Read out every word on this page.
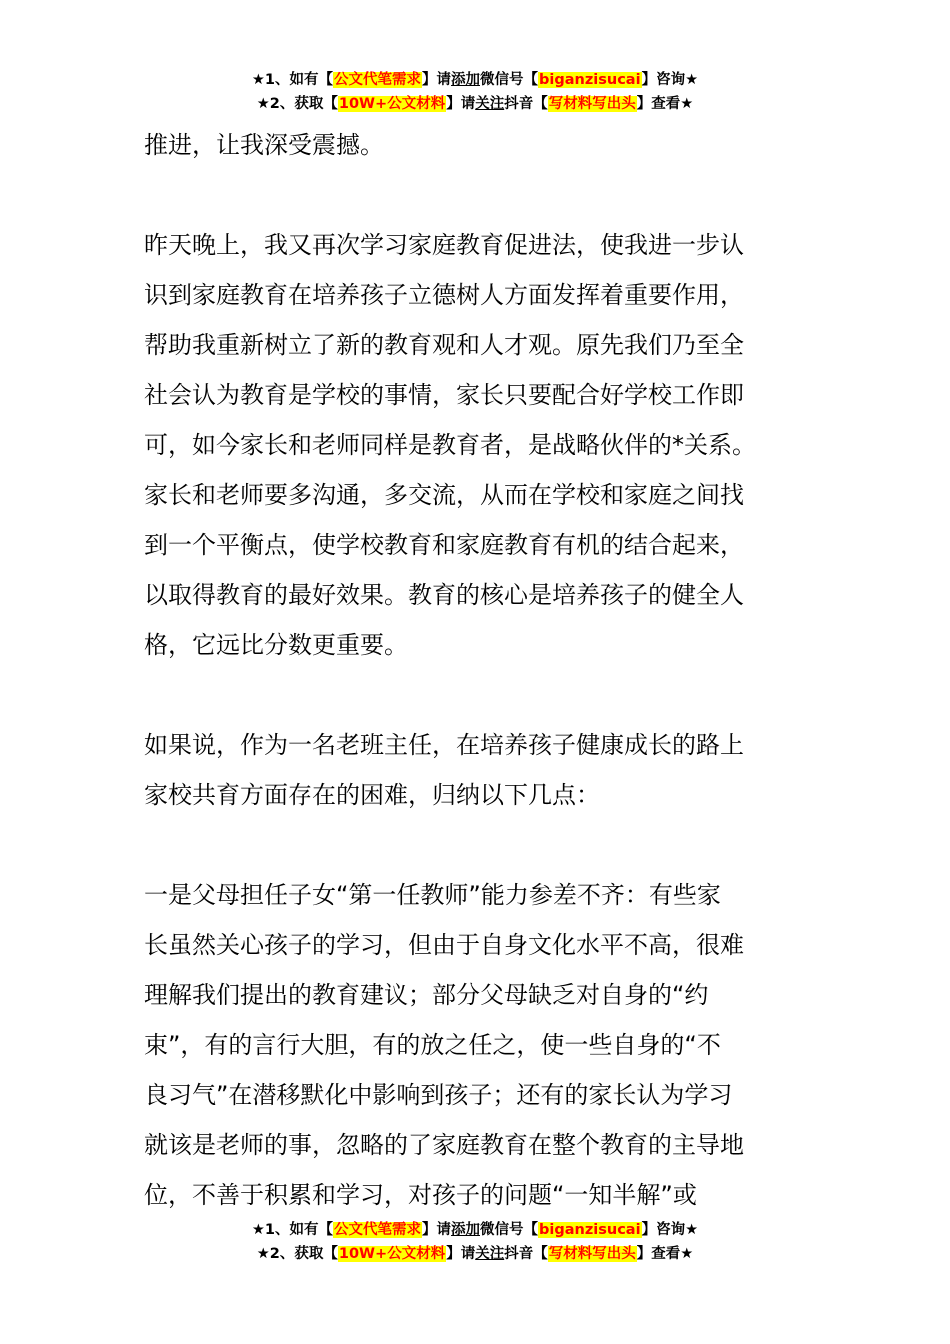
★1、如有【公文代笔需求】请添加微信号【biganzisucai】咨询★
★2、获取【10W+公文材料】请关注抖音【写材料写出头】查看★
推进，让我深受震撼。
昨天晚上，我又再次学习家庭教育促进法，使我进一步认
识到家庭教育在培养孩子立德树人方面发挥着重要作用，
帮助我重新树立了新的教育观和人才观。原先我们乃至全
社会认为教育是学校的事情，家长只要配合好学校工作即
可，如今家长和老师同样是教育者，是战略伙伴的*关系。
家长和老师要多沟通，多交流，从而在学校和家庭之间找
到一个平衡点，使学校教育和家庭教育有机的结合起来，
以取得教育的最好效果。教育的核心是培养孩子的健全人
格，它远比分数更重要。
如果说，作为一名老班主任，在培养孩子健康成长的路上
家校共育方面存在的困难，归纳以下几点：
一是父母担任子女“第一任教师”能力参差不齐：有些家
长虽然关心孩子的学习，但由于自身文化水平不高，很难
理解我们提出的教育建议；部分父母缺乏对自身的“约
束”，有的言行大胆，有的放之任之，使一些自身的“不
良习气”在潜移默化中影响到孩子；还有的家长认为学习
就该是老师的事，忽略的了家庭教育在整个教育的主导地
位，不善于积累和学习，对孩子的问题“一知半解”或
★1、如有【公文代笔需求】请添加微信号【biganzisucai】咨询★
★2、获取【10W+公文材料】请关注抖音【写材料写出头】查看★
